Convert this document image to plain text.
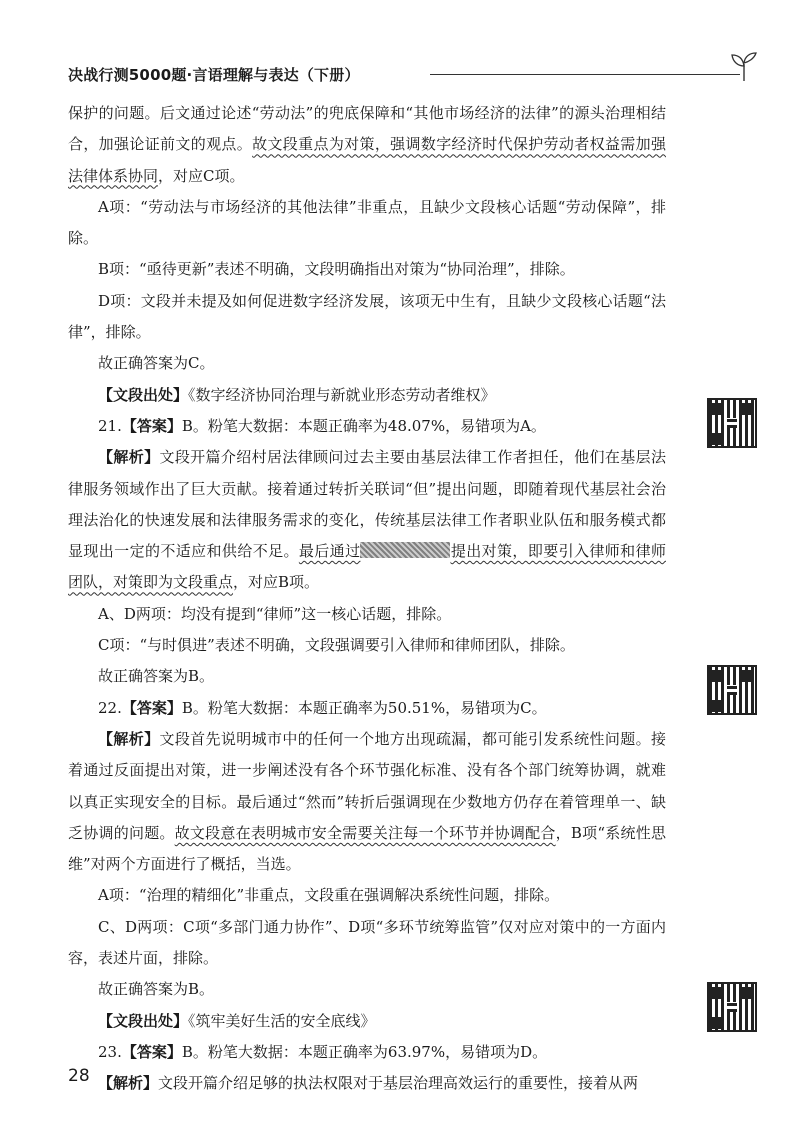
决战行测5000题·言语理解与表达（下册）

保护的问题。后文通过论述“劳动法”的兜底保障和“其他市场经济的法律”的源头治理相结合，加强论证前文的观点。故文段重点为对策，强调数字经济时代保护劳动者权益需加强法律体系协同，对应C项。

A项：“劳动法与市场经济的其他法律”非重点，且缺少文段核心话题“劳动保障”，排除。

B项：“亟待更新”表述不明确，文段明确指出对策为“协同治理”，排除。

D项：文段并未提及如何促进数字经济发展，该项无中生有，且缺少文段核心话题“法律”，排除。

故正确答案为C。

【文段出处】《数字经济协同治理与新就业形态劳动者维权》

21.【答案】B。粉笔大数据：本题正确率为48.07%，易错项为A。

【解析】文段开篇介绍村居法律顾问过去主要由基层法律工作者担任，他们在基层法律服务领域作出了巨大贡献。接着通过转折关联词“但”提出问题，即随着现代基层社会治理法治化的快速发展和法律服务需求的变化，传统基层法律工作者职业队伍和服务模式都显现出一定的不适应和供给不足。最后通过	提出对策，即要引入律师和律师团队，对策即为文段重点，对应B项。

A、D两项：均没有提到“律师”这一核心话题，排除。

C项：“与时俱进”表述不明确，文段强调要引入律师和律师团队，排除。

故正确答案为B。

22.【答案】B。粉笔大数据：本题正确率为50.51%，易错项为C。

【解析】文段首先说明城市中的任何一个地方出现疏漏，都可能引发系统性问题。接着通过反面提出对策，进一步阐述没有各个环节强化标准、没有各个部门统筹协调，就难以真正实现安全的目标。最后通过“然而”转折后强调现在少数地方仍存在着管理单一、缺乏协调的问题。故文段意在表明城市安全需要关注每一个环节并协调配合，B项“系统性思维”对两个方面进行了概括，当选。

A项：“治理的精细化”非重点，文段重在强调解决系统性问题，排除。

C、D两项：C项“多部门通力协作”、D项“多环节统筹监管”仅对应对策中的一方面内容，表述片面，排除。

故正确答案为B。

【文段出处】《筑牢美好生活的安全底线》

23.【答案】B。粉笔大数据：本题正确率为63.97%，易错项为D。

【解析】文段开篇介绍足够的执法权限对于基层治理高效运行的重要性，接着从两

28
